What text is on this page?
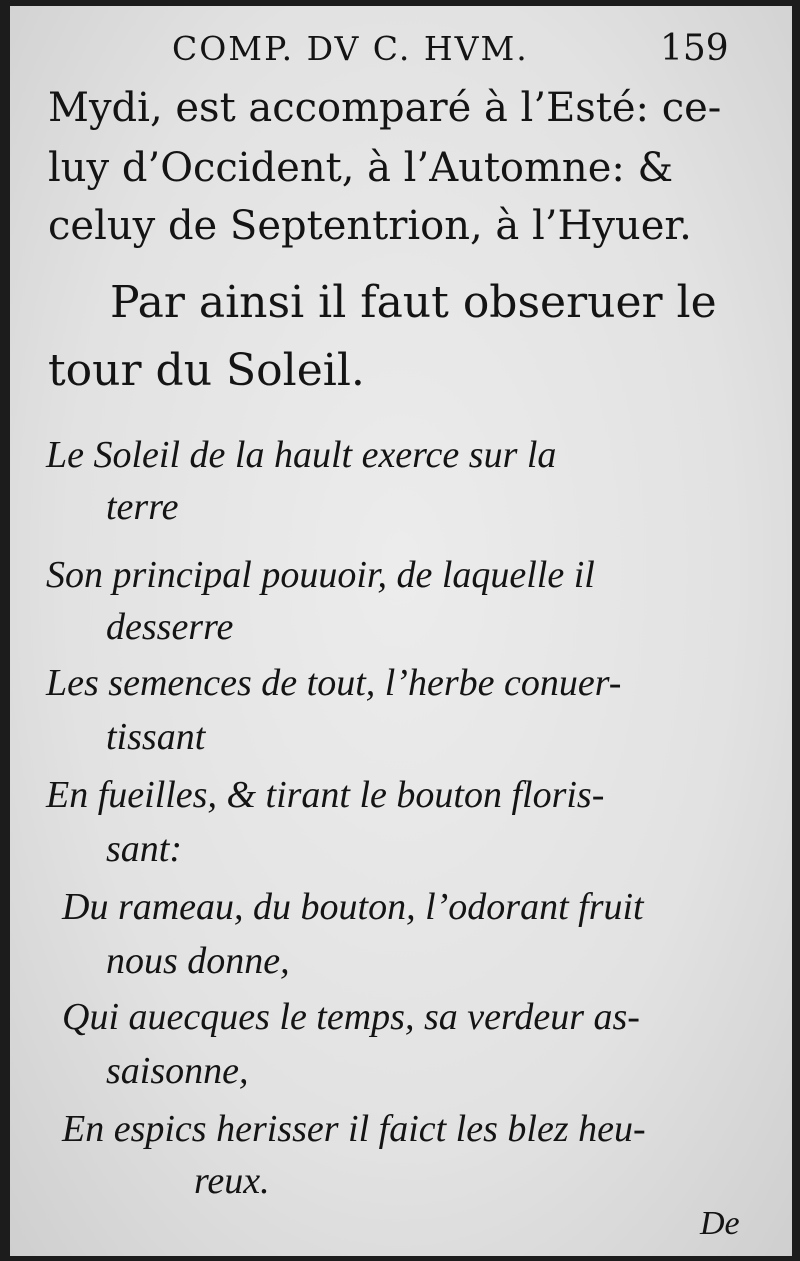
COMP. DV C. HVM.	159
Mydi, est accomparé à l’Esté: ce-
luy d’Occident, à l’Automne: &
celuy de Septentrion, à l’Hyuer.
Par ainsi il faut obseruer le
tour du Soleil.
Le Soleil de la hault exerce sur la
terre
Son principal pouuoir, de laquelle il
desserre
Les semences de tout, l’herbe conuer-
tissant
En fueilles, & tirant le bouton floris-
sant:
Du rameau, du bouton, l’odorant fruit
nous donne,
Qui auecques le temps, sa verdeur as-
saisonne,
En espics herisser il faict les blez heu-
reux.
De
